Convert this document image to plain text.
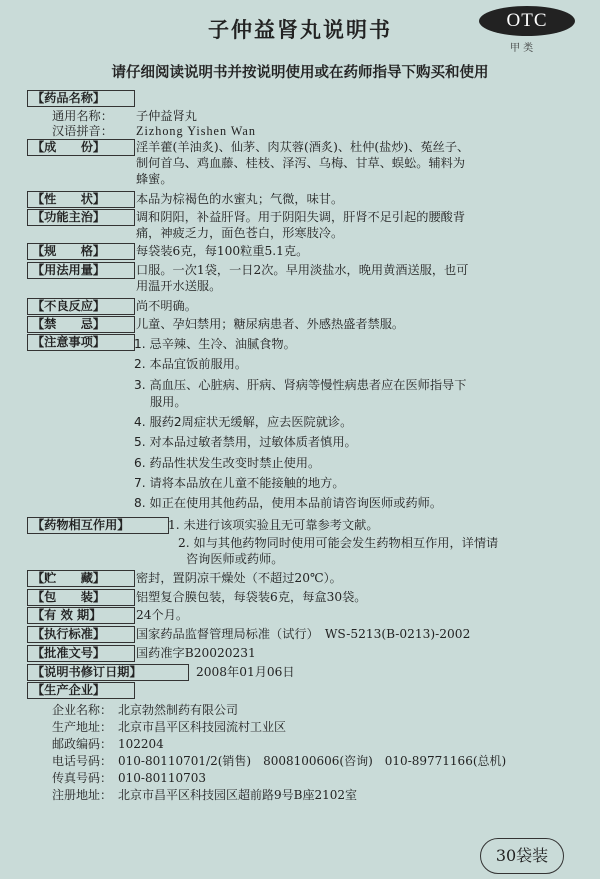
子仲益肾丸说明书	OTC
甲 类
请仔细阅读说明书并按说明使用或在药师指导下购买和使用
【药品名称】
通用名称： 子仲益肾丸
汉语拼音： Zizhong Yishen Wan
【成　　份】	淫羊藿(羊油炙)、仙茅、肉苁蓉(酒炙)、杜仲(盐炒)、菟丝子、
制何首乌、鸡血藤、桂枝、泽泻、乌梅、甘草、蜈蚣。辅料为
蜂蜜。
【性　　状】	本品为棕褐色的水蜜丸；气微，味甘。
【功能主治】	调和阴阳，补益肝肾。用于阴阳失调，肝肾不足引起的腰酸背
痛，神疲乏力，面色苍白，形寒肢冷。
【规　　格】	每袋装6克，每100粒重5.1克。
【用法用量】	口服。一次1袋，一日2次。早用淡盐水，晚用黄酒送服，也可
用温开水送服。
【不良反应】	尚不明确。
【禁　　忌】	儿童、孕妇禁用；糖尿病患者、外感热盛者禁服。
【注意事项】	1. 忌辛辣、生冷、油腻食物。
2. 本品宜饭前服用。
3. 高血压、心脏病、肝病、肾病等慢性病患者应在医师指导下
服用。
4. 服药2周症状无缓解，应去医院就诊。
5. 对本品过敏者禁用，过敏体质者慎用。
6. 药品性状发生改变时禁止使用。
7. 请将本品放在儿童不能接触的地方。
8. 如正在使用其他药品，使用本品前请咨询医师或药师。
【药物相互作用】	1. 未进行该项实验且无可靠参考文献。
2. 如与其他药物同时使用可能会发生药物相互作用，详情请
咨询医师或药师。
【贮　　藏】	密封，置阴凉干燥处（不超过20℃）。
【包　　装】	铝塑复合膜包装，每袋装6克，每盒30袋。
【有 效 期】	24个月。
【执行标准】	国家药品监督管理局标准（试行）　WS-5213(B-0213)-2002
【批准文号】	国药准字B20020231
【说明书修订日期】	2008年01月06日
【生产企业】
30袋装
企业名称： 北京勃然制药有限公司
生产地址： 北京市昌平区科技园流村工业区
邮政编码： 102204
电话号码： 010-80110701/2(销售)　8008100606(咨询)　010-89771166(总机)
传真号码： 010-80110703
注册地址： 北京市昌平区科技园区超前路9号B座2102室
